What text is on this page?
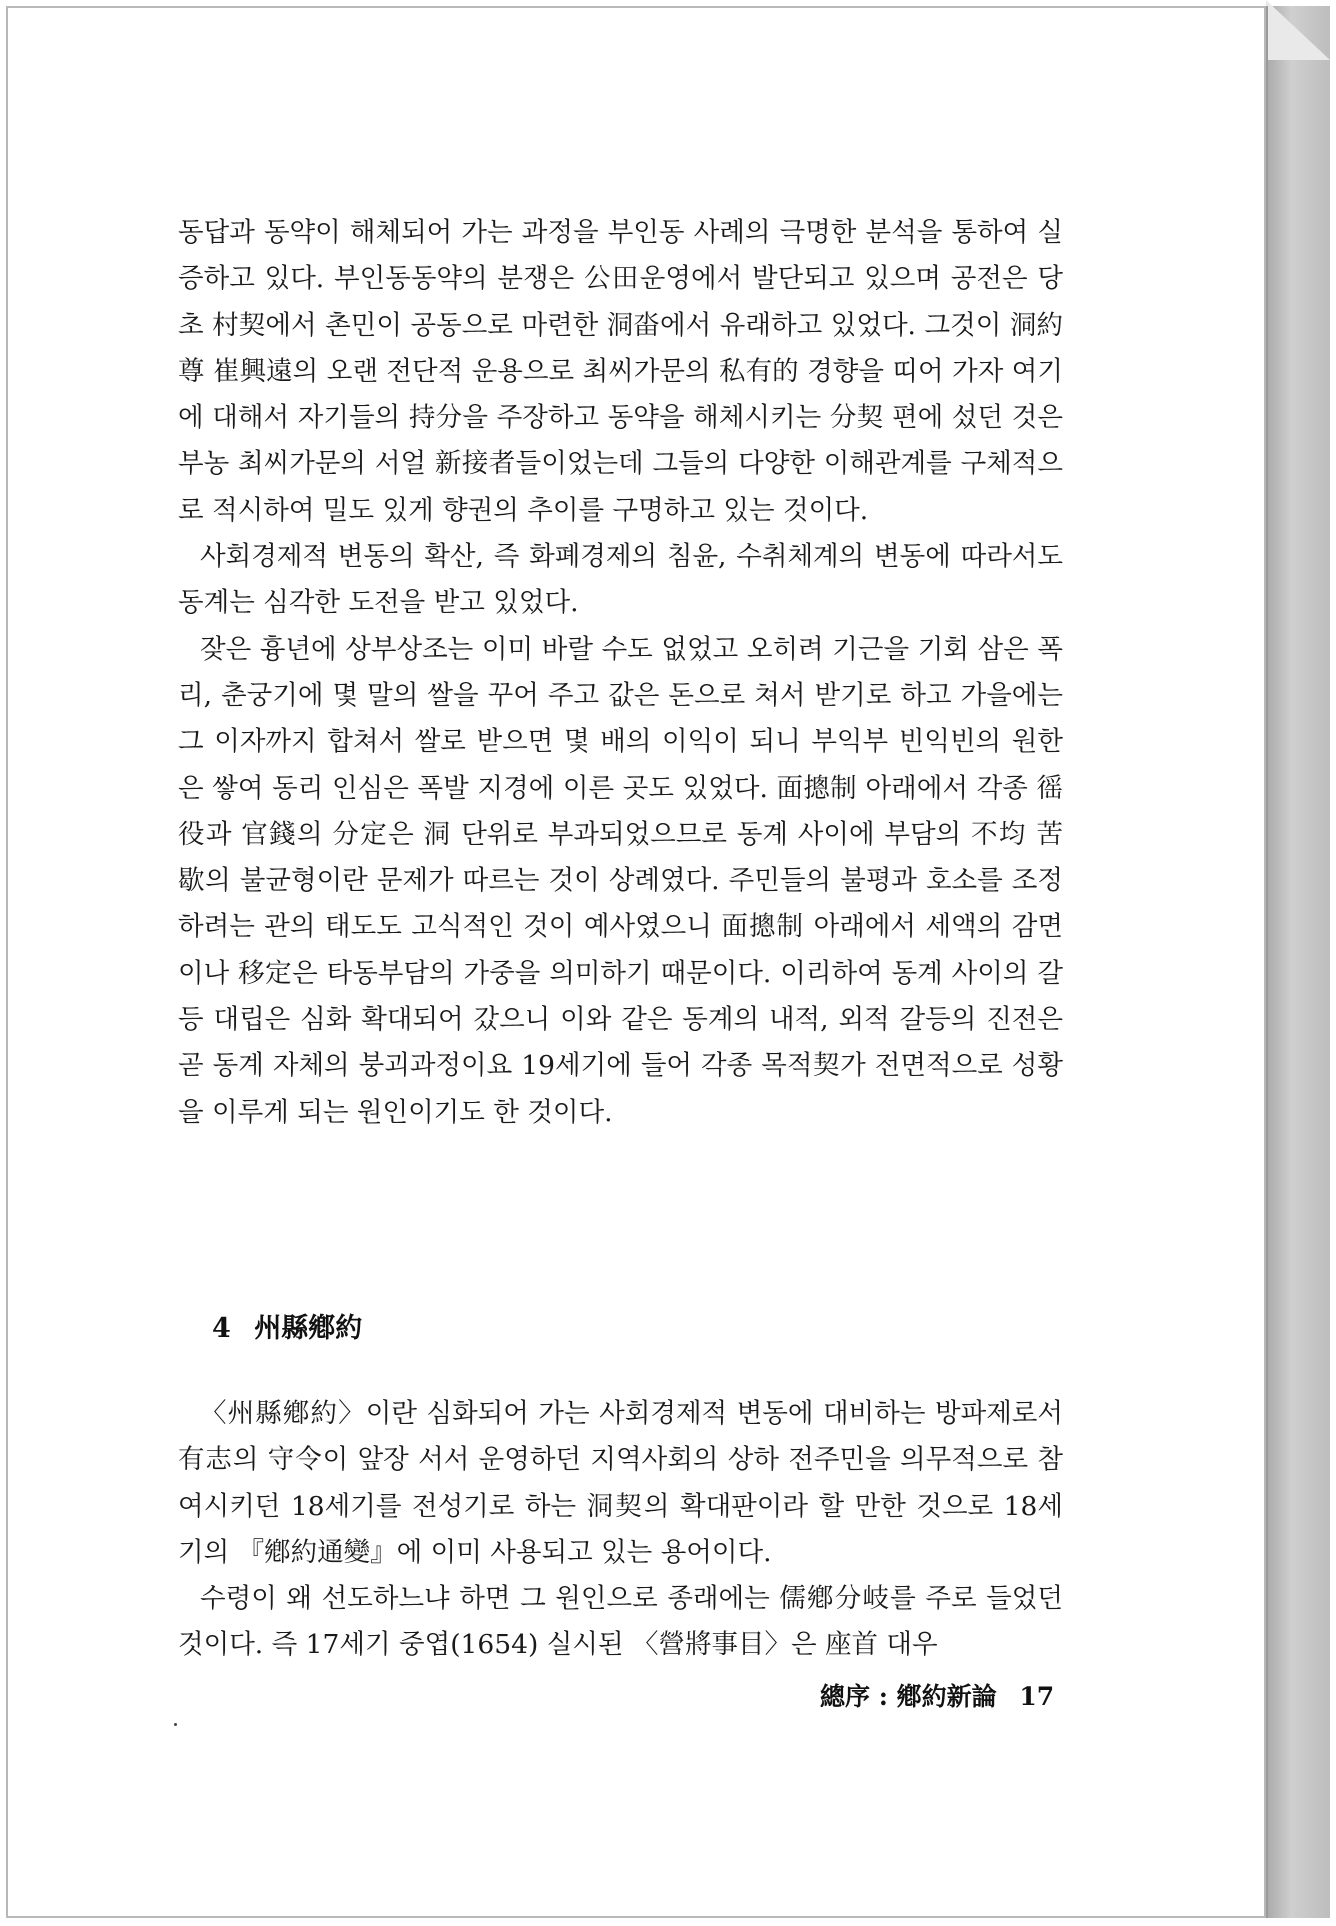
동답과 동약이 해체되어 가는 과정을 부인동 사례의 극명한 분석을 통하여 실증하고 있다. 부인동동약의 분쟁은 公田운영에서 발단되고 있으며 공전은 당초 村契에서 촌민이 공동으로 마련한 洞畓에서 유래하고 있었다. 그것이 洞約尊 崔興遠의 오랜 전단적 운용으로 최씨가문의 私有的 경향을 띠어 가자 여기에 대해서 자기들의 持分을 주장하고 동약을 해체시키는 分契 편에 섰던 것은 부농 최씨가문의 서얼 新接者들이었는데 그들의 다양한 이해관계를 구체적으로 적시하여 밀도 있게 향권의 추이를 구명하고 있는 것이다.

사회경제적 변동의 확산, 즉 화폐경제의 침윤, 수취체계의 변동에 따라서도 동계는 심각한 도전을 받고 있었다.

잦은 흉년에 상부상조는 이미 바랄 수도 없었고 오히려 기근을 기회 삼은 폭리, 춘궁기에 몇 말의 쌀을 꾸어 주고 값은 돈으로 쳐서 받기로 하고 가을에는 그 이자까지 합쳐서 쌀로 받으면 몇 배의 이익이 되니 부익부 빈익빈의 원한은 쌓여 동리 인심은 폭발 지경에 이른 곳도 있었다. 面摠制 아래에서 각종 徭役과 官錢의 分定은 洞 단위로 부과되었으므로 동계 사이에 부담의 不均 苦歇의 불균형이란 문제가 따르는 것이 상례였다. 주민들의 불평과 호소를 조정하려는 관의 태도도 고식적인 것이 예사였으니 面摠制 아래에서 세액의 감면이나 移定은 타동부담의 가중을 의미하기 때문이다. 이리하여 동계 사이의 갈등 대립은 심화 확대되어 갔으니 이와 같은 동계의 내적, 외적 갈등의 진전은 곧 동계 자체의 붕괴과정이요 19세기에 들어 각종 목적契가 전면적으로 성황을 이루게 되는 원인이기도 한 것이다.

4 州縣鄕約

〈州縣鄕約〉이란 심화되어 가는 사회경제적 변동에 대비하는 방파제로서 有志의 守令이 앞장 서서 운영하던 지역사회의 상하 전주민을 의무적으로 참여시키던 18세기를 전성기로 하는 洞契의 확대판이라 할 만한 것으로 18세기의 『鄕約通變』에 이미 사용되고 있는 용어이다.

수령이 왜 선도하느냐 하면 그 원인으로 종래에는 儒鄕分岐를 주로 들었던 것이다. 즉 17세기 중엽(1654) 실시된 〈營將事目〉은 座首 대우

總序 : 鄕約新論 17
